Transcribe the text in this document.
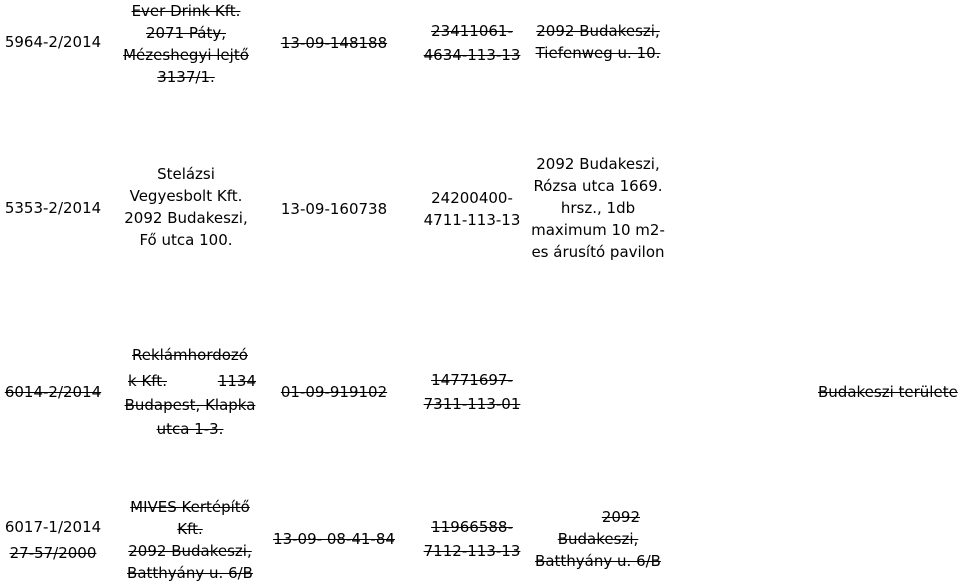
5964-2/2014
Ever Drink Kft.
2071 Páty,
Mézeshegyi lejtő
3137/1.
13-09-148188
23411061-
4634-113-13
2092 Budakeszi,
Tiefenweg u. 10.
5353-2/2014
Stelázsi
Vegyesbolt Kft.
2092 Budakeszi,
Fő utca 100.
13-09-160738
24200400-
4711-113-13
2092 Budakeszi,
Rózsa utca 1669.
hrsz., 1db
maximum 10 m2-
es árusító pavilon
6014-2/2014
Reklámhordozó
k Kft.	1134
Budapest, Klapka
utca 1-3.
01-09-919102
14771697-
7311-113-01
Budakeszi területe
6017-1/2014
27-57/2000
MIVES Kertépítő
Kft.
2092 Budakeszi,
Batthyány u. 6/B
13-09- 08-41-84
11966588-
7112-113-13
2092
Budakeszi,
Batthyány u. 6/B
